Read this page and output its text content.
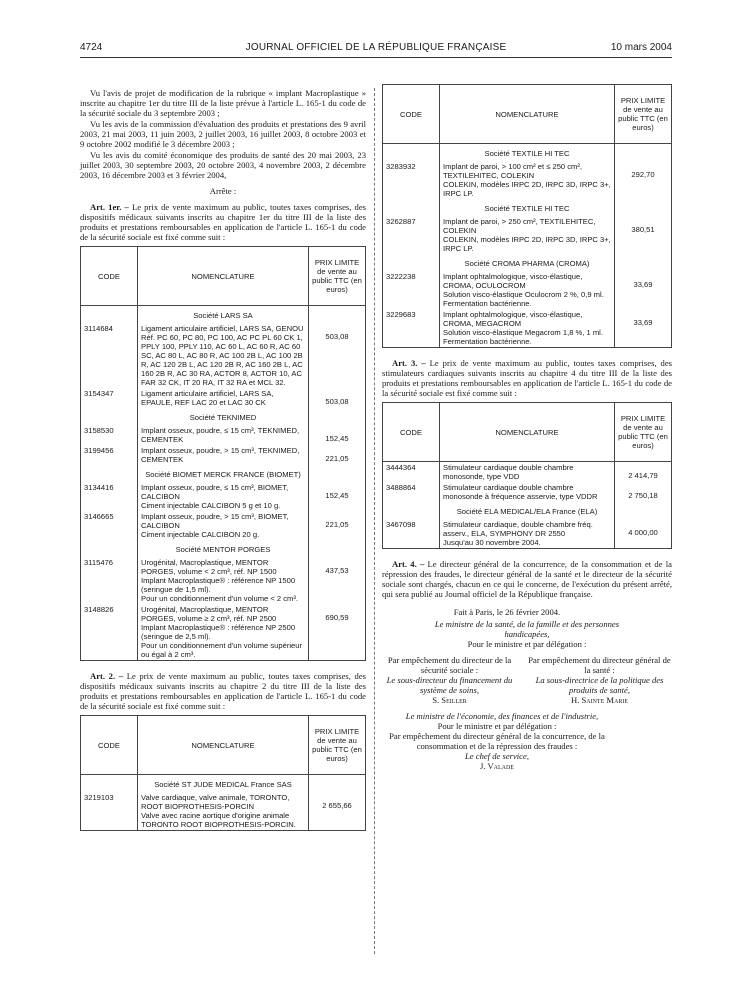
4724	JOURNAL OFFICIEL DE LA RÉPUBLIQUE FRANÇAISE	10 mars 2004

Vu l'avis de projet de modification de la rubrique « implant Macroplastique » inscrite au chapitre 1er du titre III de la liste prévue à l'article L. 165-1 du code de la sécurité sociale du 3 septembre 2003 ;

Vu les avis de la commission d'évaluation des produits et prestations des 9 avril 2003, 21 mai 2003, 11 juin 2003, 2 juillet 2003, 16 juillet 2003, 8 octobre 2003 et 9 octobre 2002 modifié le 3 décembre 2003 ;

Vu les avis du comité économique des produits de santé des 20 mai 2003, 23 juillet 2003, 30 septembre 2003, 20 octobre 2003, 4 novembre 2003, 2 décembre 2003, 16 décembre 2003 et 3 février 2004,

Arrête :

Art. 1er. – Le prix de vente maximum au public, toutes taxes comprises, des dispositifs médicaux suivants inscrits au chapitre 1er du titre III de la liste des produits et prestations remboursables en application de l'article L. 165-1 du code de la sécurité sociale est fixé comme suit :

CODE	NOMENCLATURE	PRIX LIMITE de vente au public TTC (en euros)
	Société LARS SA	
3114684	Ligament articulaire artificiel, LARS SA, GENOU
Réf. PC 60, PC 80, PC 100, AC PC PL 60 CK 1, PPLY 100, PPLY 110, AC 60 L, AC 60 R, AC 60 SC, AC 80 L, AC 80 R, AC 100 2B L, AC 100 2B R, AC 120 2B L, AC 120 2B R, AC 160 2B L, AC 160 2B R, AC 30 RA, ACTOR 8, ACTOR 10, AC FAR 32 CK, IT 20 RA, IT 32 RA et MCL 32.	503,08

3154347	Ligament articulaire artificiel, LARS SA, EPAULE, REF LAC 20 et LAC 30 CK	503,08

	Société TEKNIMED	
3158530	Implant osseux, poudre, ≤ 15 cm³, TEKNIMED, CEMENTEK	152,45

3199456	Implant osseux, poudre, > 15 cm³, TEKNIMED, CEMENTEK	221,05

	Société BIOMET MERCK FRANCE (BIOMET)	
3134416	Implant osseux, poudre, ≤ 15 cm³, BIOMET, CALCIBON
Ciment injectable CALCIBON 5 g et 10 g.	152,45

3146665	Implant osseux, poudre, > 15 cm³, BIOMET, CALCIBON
Ciment injectable CALCIBON 20 g.	221,05

	Société MENTOR PORGES	
3115476	Urogénital, Macroplastique, MENTOR PORGES, volume < 2 cm³, réf. NP 1500
Implant Macroplastique® : référence NP 1500 (seringue de 1,5 ml).
Pour un conditionnement d'un volume < 2 cm³.	437,53

3148826	Urogénital, Macroplastique, MENTOR PORGES, volume ≥ 2 cm³, réf. NP 2500
Implant Macroplastique® : référence NP 2500 (seringue de 2,5 ml).
Pour un conditionnement d'un volume supérieur ou égal à 2 cm³.	690,59

Art. 2. – Le prix de vente maximum au public, toutes taxes comprises, des dispositifs médicaux suivants inscrits au chapitre 2 du titre III de la liste des produits et prestations remboursables en application de l'article L. 165-1 du code de la sécurité sociale est fixé comme suit :

CODE	NOMENCLATURE	PRIX LIMITE de vente au public TTC (en euros)
	Société ST JUDE MEDICAL France SAS	
3219103	Valve cardiaque, valve animale, TORONTO, ROOT BIOPROTHESIS-PORCIN
Valve avec racine aortique d'origine animale TORONTO ROOT BIOPROTHESIS-PORCIN.	2 655,66
CODE	NOMENCLATURE	PRIX LIMITE de vente au public TTC (en euros)
	Société TEXTILE HI TEC	
3283932	Implant de paroi, > 100 cm² et ≤ 250 cm², TEXTILEHITEC, COLEKIN
COLEKIN, modèles IRPC 2D, IRPC 3D, IRPC 3+, IRPC LP.	292,70

	Société TEXTILE HI TEC	
3262887	Implant de paroi, > 250 cm², TEXTILEHITEC, COLEKIN
COLEKIN, modèles IRPC 2D, IRPC 3D, IRPC 3+, IRPC LP.	380,51

	Société CROMA PHARMA (CROMA)	
3222238	Implant ophtalmologique, visco-élastique, CROMA, OCULOCROM
Solution visco-élastique Oculocrom 2 %, 0,9 ml. Fermentation bactérienne.	33,69

3229683	Implant ophtalmologique, visco-élastique, CROMA, MEGACROM
Solution visco-élastique Megacrom 1,8 %, 1 ml. Fermentation bactérienne.	33,69

Art. 3. – Le prix de vente maximum au public, toutes taxes comprises, des stimulateurs cardiaques suivants inscrits au chapitre 4 du titre III de la liste des produits et prestations remboursables en application de l'article L. 165-1 du code de la sécurité sociale est fixé comme suit :

CODE	NOMENCLATURE	PRIX LIMITE de vente au public TTC (en euros)
3444364	Stimulateur cardiaque double chambre monosonde, type VDD	2 414,79

3488864	Stimulateur cardiaque double chambre monosonde à fréquence asservie, type VDDR	2 750,18

	Société ELA MEDICAL/ELA France (ELA)	
3467098	Stimulateur cardiaque, double chambre fréq. asserv., ELA, SYMPHONY DR 2550
Jusqu'au 30 novembre 2004.	4 000,00

Art. 4. – Le directeur général de la concurrence, de la consommation et de la répression des fraudes, le directeur général de la santé et le directeur de la sécurité sociale sont chargés, chacun en ce qui le concerne, de l'exécution du présent arrêté, qui sera publié au Journal officiel de la République française.

Fait à Paris, le 26 février 2004.
Le ministre de la santé, de la famille et des personnes handicapées,
Pour le ministre et par délégation :
Par empêchement du directeur de la sécurité sociale :
Le sous-directeur du financement du système de soins,
S. Seiller
Par empêchement du directeur général de la santé :
La sous-directrice de la politique des produits de santé,
H. Sainte Marie
Le ministre de l'économie, des finances et de l'industrie,
Pour le ministre et par délégation :
Par empêchement du directeur général de la concurrence, de la consommation et de la répression des fraudes :
Le chef de service,
J. Valade
